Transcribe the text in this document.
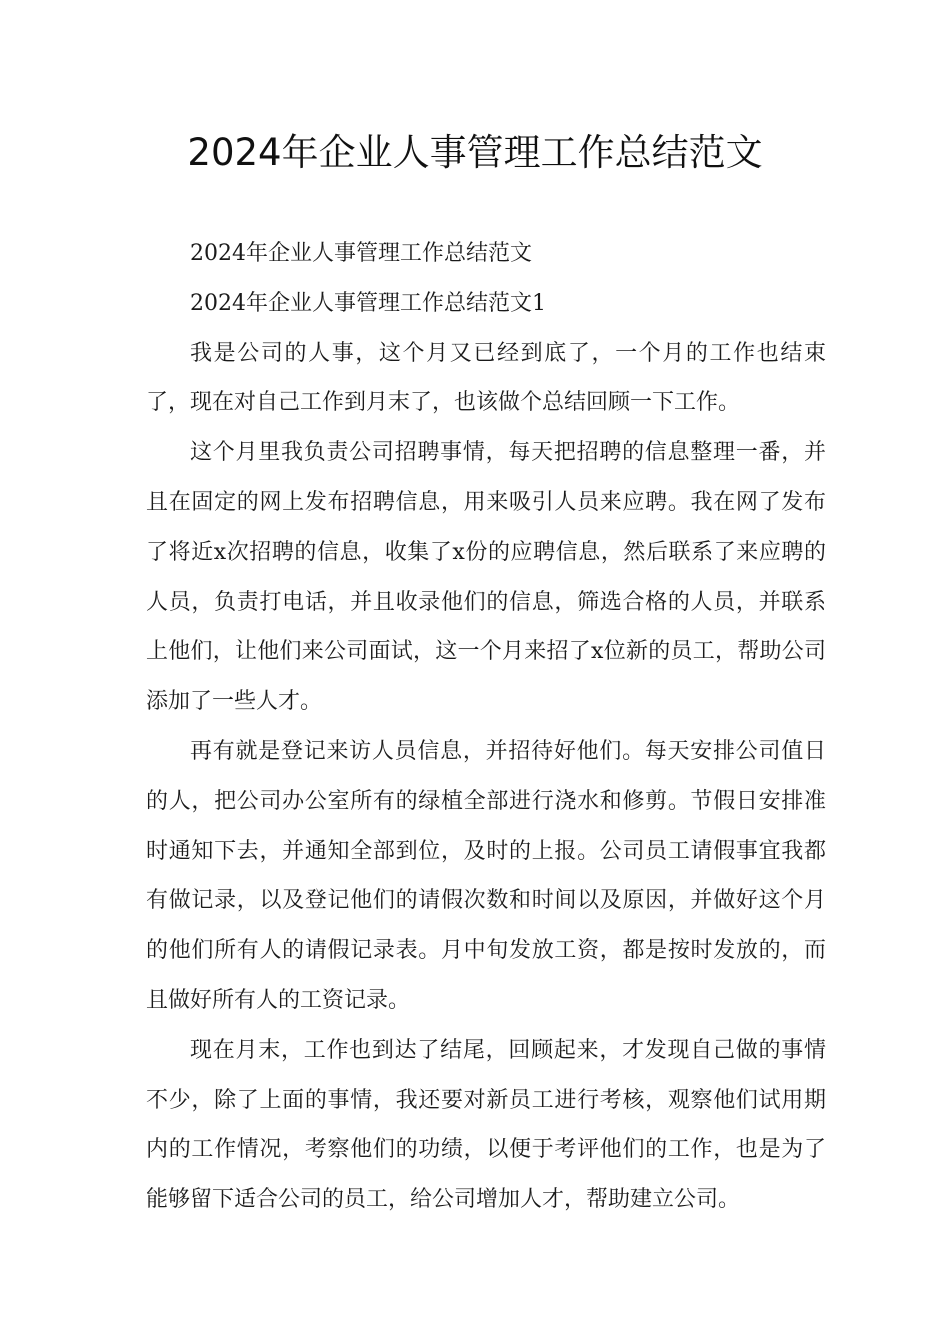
2024年企业人事管理工作总结范文

2024年企业人事管理工作总结范文

2024年企业人事管理工作总结范文1

我是公司的人事，这个月又已经到底了，一个月的工作也结束了，现在对自己工作到月末了，也该做个总结回顾一下工作。

这个月里我负责公司招聘事情，每天把招聘的信息整理一番，并且在固定的网上发布招聘信息，用来吸引人员来应聘。我在网了发布了将近x次招聘的信息，收集了x份的应聘信息，然后联系了来应聘的人员，负责打电话，并且收录他们的信息，筛选合格的人员，并联系上他们，让他们来公司面试，这一个月来招了x位新的员工，帮助公司添加了一些人才。

再有就是登记来访人员信息，并招待好他们。每天安排公司值日的人，把公司办公室所有的绿植全部进行浇水和修剪。节假日安排准时通知下去，并通知全部到位，及时的上报。公司员工请假事宜我都有做记录，以及登记他们的请假次数和时间以及原因，并做好这个月的他们所有人的请假记录表。月中旬发放工资，都是按时发放的，而且做好所有人的工资记录。

现在月末，工作也到达了结尾，回顾起来，才发现自己做的事情不少，除了上面的事情，我还要对新员工进行考核，观察他们试用期内的工作情况，考察他们的功绩，以便于考评他们的工作，也是为了能够留下适合公司的员工，给公司增加人才，帮助建立公司。
